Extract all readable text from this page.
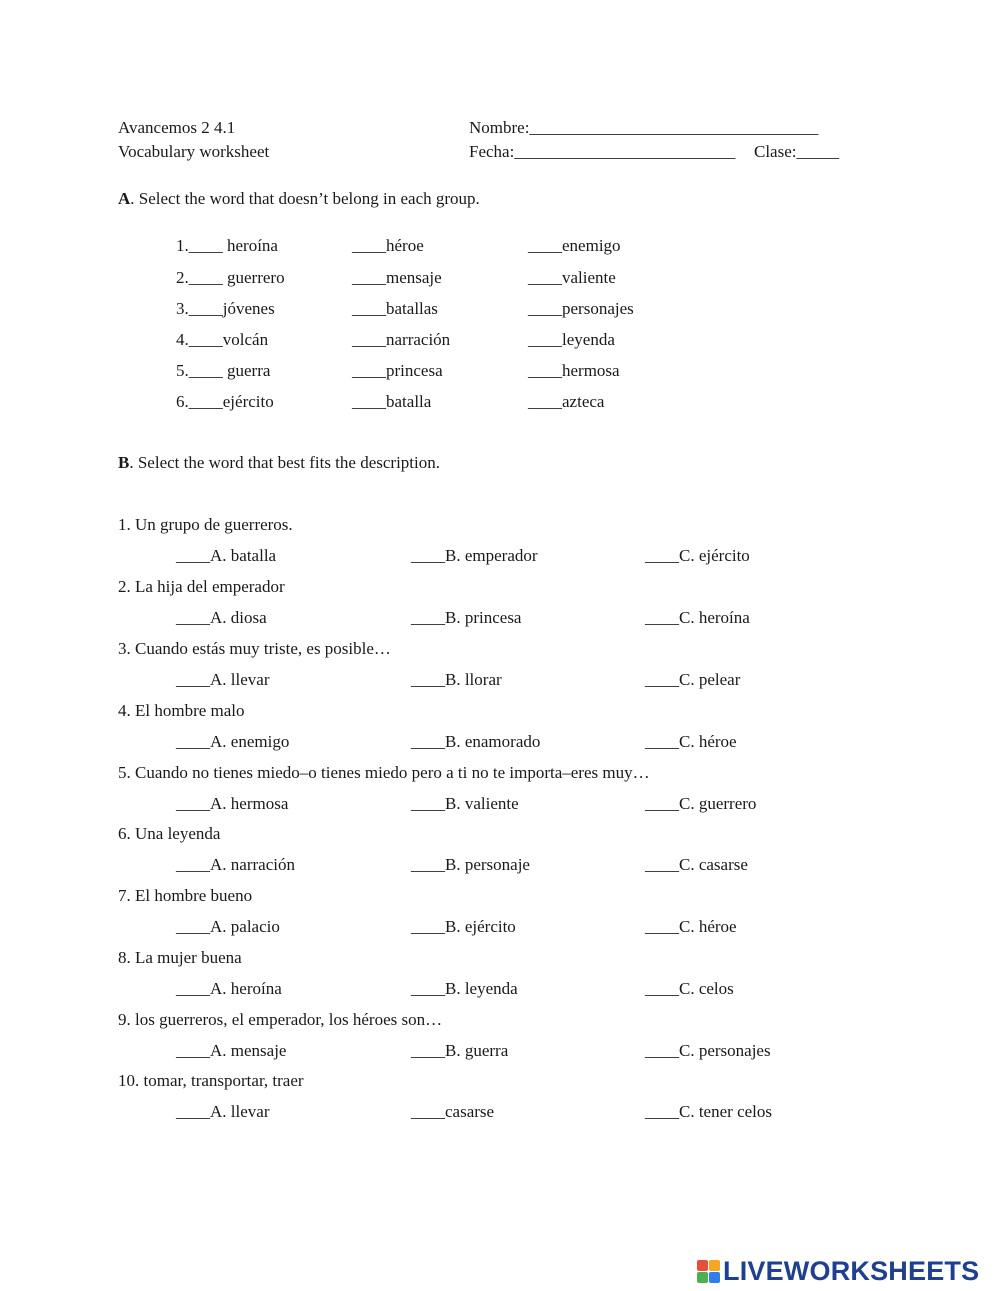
Avancemos 2 4.1
Vocabulary worksheet
Nombre:__________________________________
Fecha:__________________________ Clase:_____
A. Select the word that doesn’t belong in each group.
1.____ heroína	____héroe	____enemigo
2.____ guerrero	____mensaje	____valiente
3.____jóvenes	____batallas	____personajes
4.____volcán	____narración	____leyenda
5.____ guerra	____princesa	____hermosa
6.____ejército	____batalla	____azteca
B. Select the word that best fits the description.
1. Un grupo de guerreros.
____A. batalla	____B. emperador	____C. ejército
2. La hija del emperador
____A. diosa	____B. princesa	____C. heroína
3. Cuando estás muy triste, es posible…
____A. llevar	____B. llorar	____C. pelear
4. El hombre malo
____A. enemigo	____B. enamorado	____C. héroe
5. Cuando no tienes miedo–o tienes miedo pero a ti no te importa–eres muy…
____A. hermosa	____B. valiente	____C. guerrero
6. Una leyenda
____A. narración	____B. personaje	____C. casarse
7. El hombre bueno
____A. palacio	____B. ejército	____C. héroe
8. La mujer buena
____A. heroína	____B. leyenda	____C. celos
9. los guerreros, el emperador, los héroes son…
____A. mensaje	____B. guerra	____C. personajes
10. tomar, transportar, traer
____A. llevar	____casarse	____C. tener celos
LIVEWORKSHEETS
